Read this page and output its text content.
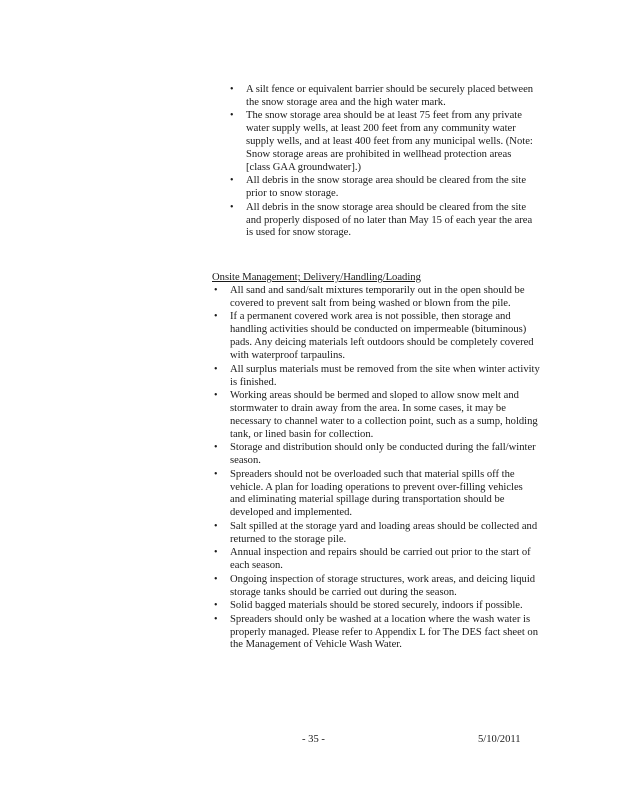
• A silt fence or equivalent barrier should be securely placed between the snow storage area and the high water mark.
• The snow storage area should be at least 75 feet from any private water supply wells, at least 200 feet from any community water supply wells, and at least 400 feet from any municipal wells. (Note: Snow storage areas are prohibited in wellhead protection areas [class GAA groundwater].)
• All debris in the snow storage area should be cleared from the site prior to snow storage.
• All debris in the snow storage area should be cleared from the site and properly disposed of no later than May 15 of each year the area is used for snow storage.
Onsite Management; Delivery/Handling/Loading
• All sand and sand/salt mixtures temporarily out in the open should be covered to prevent salt from being washed or blown from the pile.
• If a permanent covered work area is not possible, then storage and handling activities should be conducted on impermeable (bituminous) pads. Any deicing materials left outdoors should be completely covered with waterproof tarpaulins.
• All surplus materials must be removed from the site when winter activity is finished.
• Working areas should be bermed and sloped to allow snow melt and stormwater to drain away from the area. In some cases, it may be necessary to channel water to a collection point, such as a sump, holding tank, or lined basin for collection.
• Storage and distribution should only be conducted during the fall/winter season.
• Spreaders should not be overloaded such that material spills off the vehicle. A plan for loading operations to prevent over-filling vehicles and eliminating material spillage during transportation should be developed and implemented.
• Salt spilled at the storage yard and loading areas should be collected and returned to the storage pile.
• Annual inspection and repairs should be carried out prior to the start of each season.
• Ongoing inspection of storage structures, work areas, and deicing liquid storage tanks should be carried out during the season.
• Solid bagged materials should be stored securely, indoors if possible.
• Spreaders should only be washed at a location where the wash water is properly managed. Please refer to Appendix L for The DES fact sheet on the Management of Vehicle Wash Water.
- 35 -	5/10/2011
